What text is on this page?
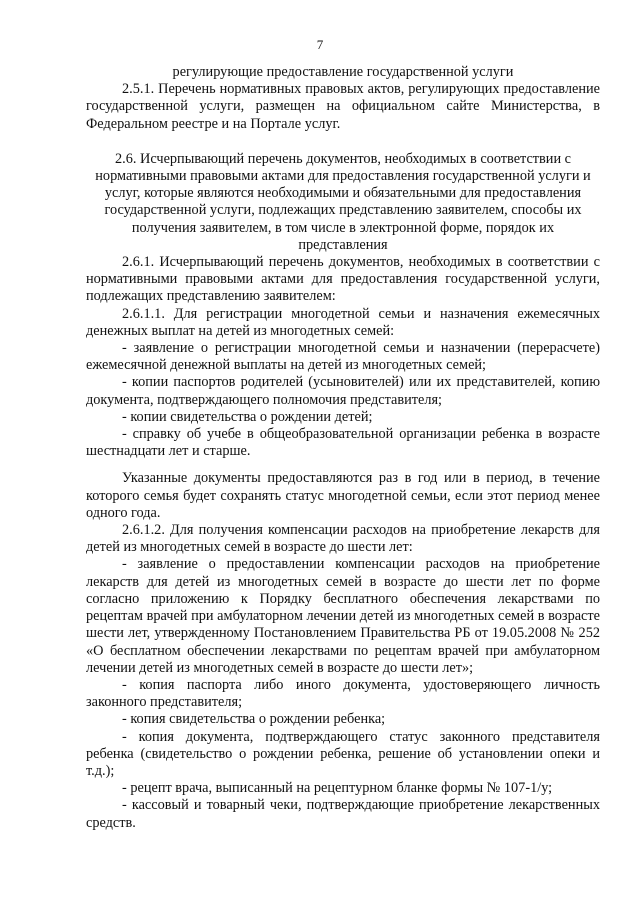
7

регулирующие предоставление государственной услуги

2.5.1. Перечень нормативных правовых актов, регулирующих предоставление государственной услуги, размещен на официальном сайте Министерства, в Федеральном реестре и на Портале услуг.

2.6. Исчерпывающий перечень документов, необходимых в соответствии с нормативными правовыми актами для предоставления государственной услуги и услуг, которые являются необходимыми и обязательными для предоставления государственной услуги, подлежащих представлению заявителем, способы их получения заявителем, в том числе в электронной форме, порядок их представления

2.6.1. Исчерпывающий перечень документов, необходимых в соответствии с нормативными правовыми актами для предоставления государственной услуги, подлежащих представлению заявителем:

2.6.1.1. Для регистрации многодетной семьи и назначения ежемесячных денежных выплат на детей из многодетных семей:

- заявление о регистрации многодетной семьи и назначении (перерасчете) ежемесячной денежной выплаты на детей из многодетных семей;

- копии паспортов родителей (усыновителей) или их представителей, копию документа, подтверждающего полномочия представителя;

- копии свидетельства о рождении детей;

- справку об учебе в общеобразовательной организации ребенка в возрасте шестнадцати лет и старше.

Указанные документы предоставляются раз в год или в период, в течение которого семья будет сохранять статус многодетной семьи, если этот период менее одного года.

2.6.1.2. Для получения компенсации расходов на приобретение лекарств для детей из многодетных семей в возрасте до шести лет:

- заявление о предоставлении компенсации расходов на приобретение лекарств для детей из многодетных семей в возрасте до шести лет по форме согласно приложению к Порядку бесплатного обеспечения лекарствами по рецептам врачей при амбулаторном лечении детей из многодетных семей в возрасте шести лет, утвержденному Постановлением Правительства РБ от 19.05.2008 № 252 «О бесплатном обеспечении лекарствами по рецептам врачей при амбулаторном лечении детей из многодетных семей в возрасте до шести лет»;

- копия паспорта либо иного документа, удостоверяющего личность законного представителя;

- копия свидетельства о рождении ребенка;

- копия документа, подтверждающего статус законного представителя ребенка (свидетельство о рождении ребенка, решение об установлении опеки и т.д.);

- рецепт врача, выписанный на рецептурном бланке формы № 107-1/у;

- кассовый и товарный чеки, подтверждающие приобретение лекарственных средств.
